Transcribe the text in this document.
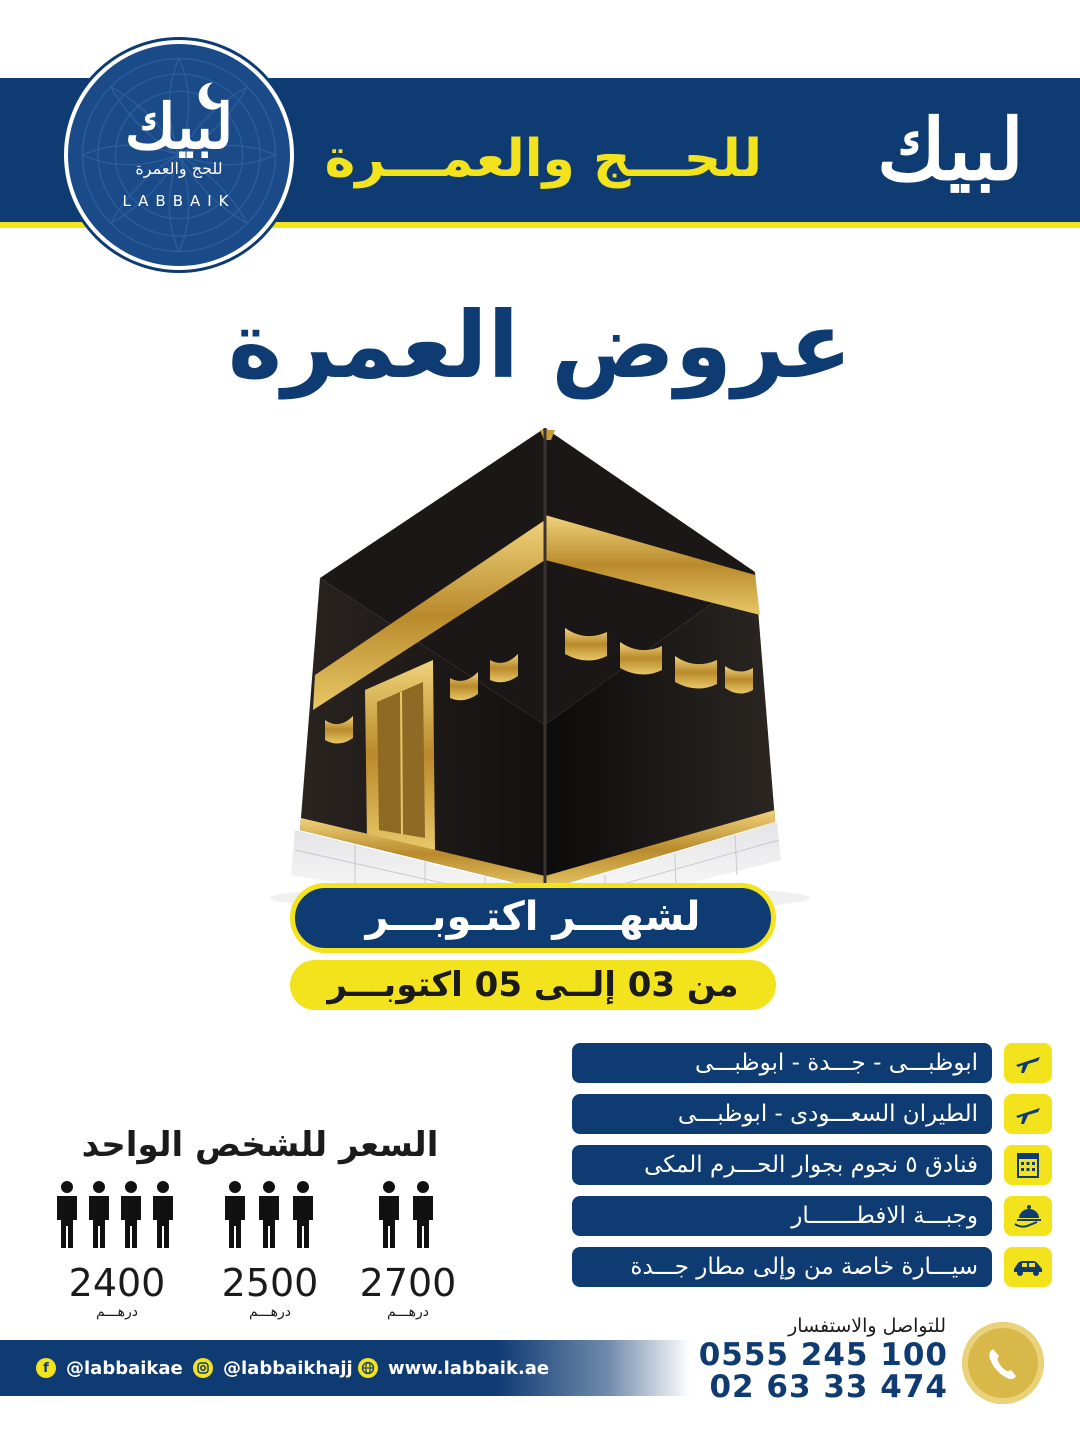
لبيك
للحـــج والعمـــرة
لبيك
للحج والعمرة
LABBAIK
عروض العمرة
لشهـــر اكتـوبـــر
من 03 إلــى 05 اكتوبـــر
ابوظبـــى - جـــدة - ابوظبـــى
الطيران السعـــودى - ابوظبـــى
فنادق ٥ نجوم بجوار الحـــرم المكى
وجبـــة الافطـــــــار
سيـــارة خاصة من وإلى مطار جـــدة
السعر للشخص الواحد
2400
درهـــم
2500
درهـــم
2700
درهـــم
f @labbaikae @labbaikhajj www.labbaik.ae
للتواصل والاستفسار
0555 245 100
02 63 33 474
